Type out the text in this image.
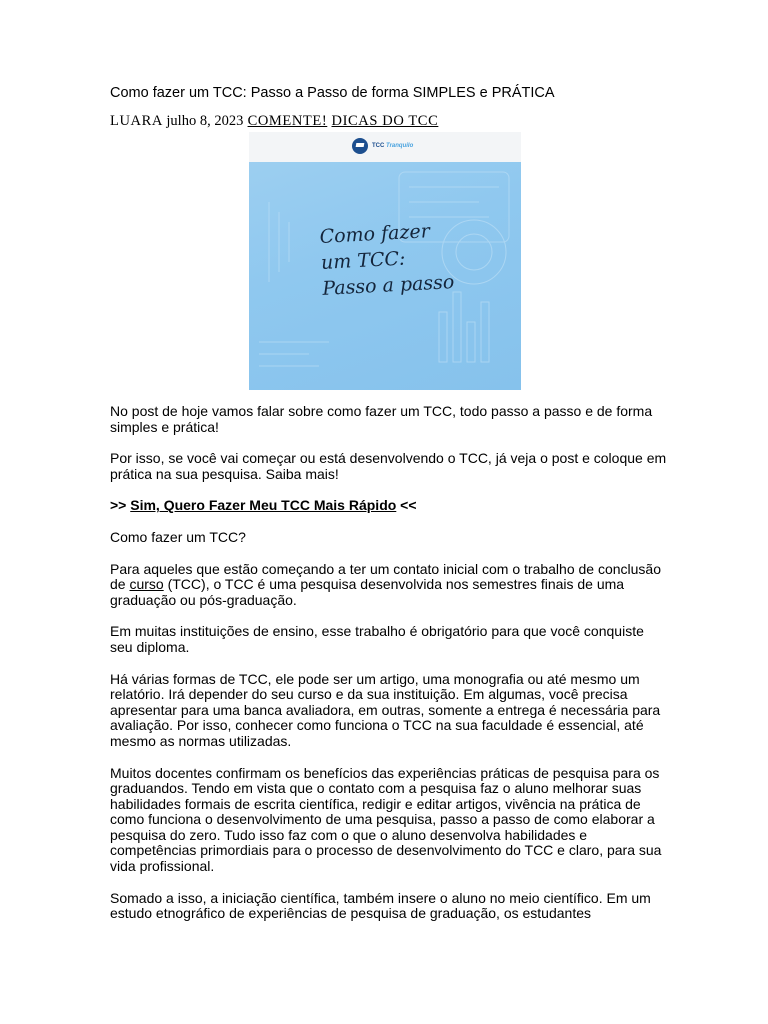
Como fazer um TCC: Passo a Passo de forma SIMPLES e PRÁTICA

LUARA julho 8, 2023 COMENTE! DICAS DO TCC

TCC Tranquilo
Como fazer
um TCC:
Passo a passo

No post de hoje vamos falar sobre como fazer um TCC, todo passo a passo e de forma simples e prática!

Por isso, se você vai começar ou está desenvolvendo o TCC, já veja o post e coloque em prática na sua pesquisa. Saiba mais!

>> Sim, Quero Fazer Meu TCC Mais Rápido <<

Como fazer um TCC?

Para aqueles que estão começando a ter um contato inicial com o trabalho de conclusão de curso (TCC), o TCC é uma pesquisa desenvolvida nos semestres finais de uma graduação ou pós-graduação.

Em muitas instituições de ensino, esse trabalho é obrigatório para que você conquiste seu diploma.

Há várias formas de TCC, ele pode ser um artigo, uma monografia ou até mesmo um relatório. Irá depender do seu curso e da sua instituição. Em algumas, você precisa apresentar para uma banca avaliadora, em outras, somente a entrega é necessária para avaliação. Por isso, conhecer como funciona o TCC na sua faculdade é essencial, até mesmo as normas utilizadas.

Muitos docentes confirmam os benefícios das experiências práticas de pesquisa para os graduandos. Tendo em vista que o contato com a pesquisa faz o aluno melhorar suas habilidades formais de escrita científica, redigir e editar artigos, vivência na prática de como funciona o desenvolvimento de uma pesquisa, passo a passo de como elaborar a pesquisa do zero. Tudo isso faz com o que o aluno desenvolva habilidades e competências primordiais para o processo de desenvolvimento do TCC e claro, para sua vida profissional.

Somado a isso, a iniciação científica, também insere o aluno no meio científico. Em um estudo etnográfico de experiências de pesquisa de graduação, os estudantes
